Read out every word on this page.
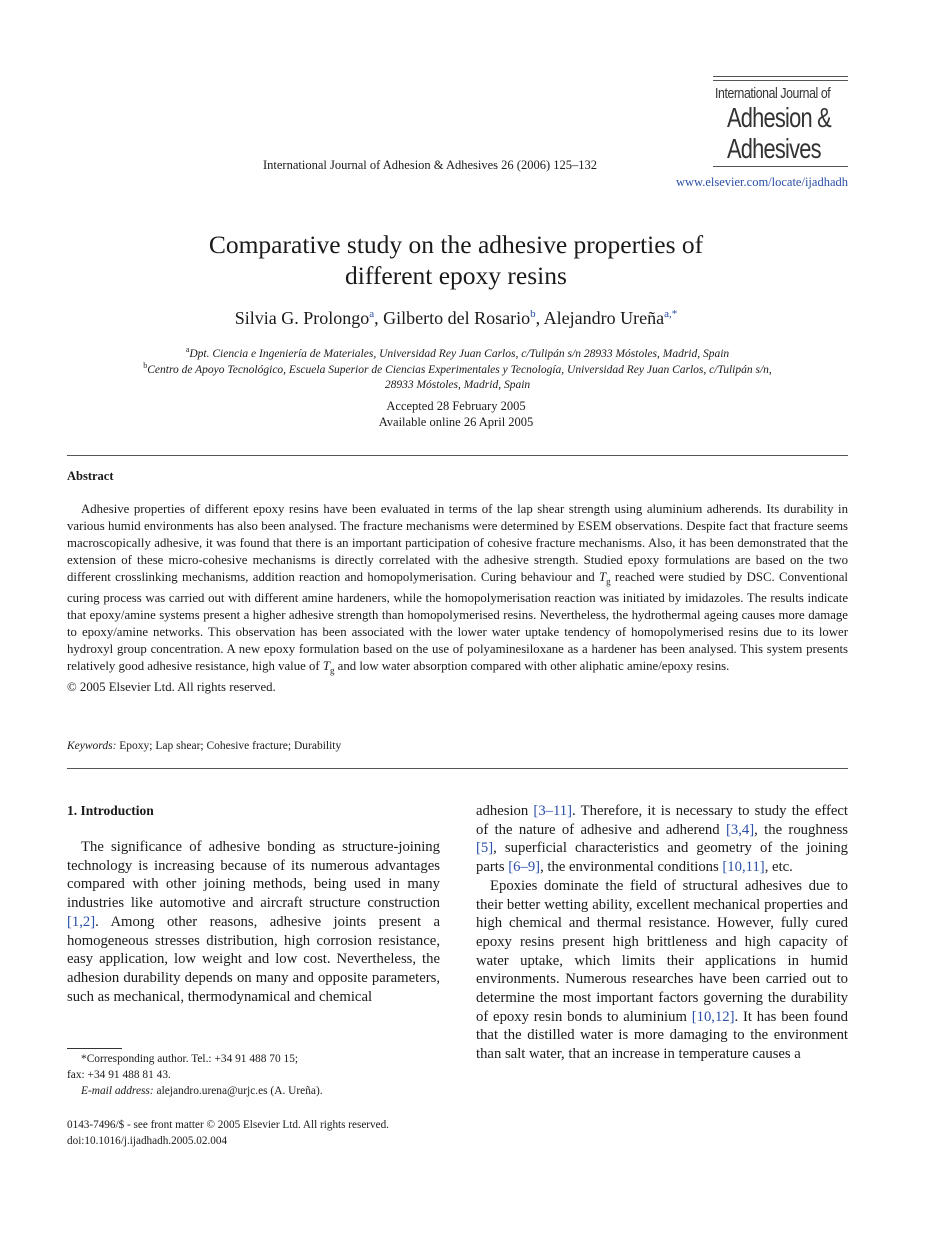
International Journal of Adhesion & Adhesives 26 (2006) 125–132
International Journal of
Adhesion &
Adhesives
www.elsevier.com/locate/ijadhadh
Comparative study on the adhesive properties of
different epoxy resins
Silvia G. Prolongo$^a$, Gilberto del Rosario$^b$, Alejandro Ureña$^{a,*}$
$^a$Dpt. Ciencia e Ingeniería de Materiales, Universidad Rey Juan Carlos, c/Tulipán s/n 28933 Móstoles, Madrid, Spain
$^b$Centro de Apoyo Tecnológico, Escuela Superior de Ciencias Experimentales y Tecnología, Universidad Rey Juan Carlos, c/Tulipán s/n,
28933 Móstoles, Madrid, Spain
Accepted 28 February 2005
Available online 26 April 2005
Abstract

Adhesive properties of different epoxy resins have been evaluated in terms of the lap shear strength using aluminium adherends. Its durability in various humid environments has also been analysed. The fracture mechanisms were determined by ESEM observations. Despite fact that fracture seems macroscopically adhesive, it was found that there is an important participation of cohesive fracture mechanisms. Also, it has been demonstrated that the extension of these micro-cohesive mechanisms is directly correlated with the adhesive strength. Studied epoxy formulations are based on the two different crosslinking mechanisms, addition reaction and homopolymerisation. Curing behaviour and $T_g$ reached were studied by DSC. Conventional curing process was carried out with different amine hardeners, while the homopolymerisation reaction was initiated by imidazoles. The results indicate that epoxy/amine systems present a higher adhesive strength than homopolymerised resins. Nevertheless, the hydrothermal ageing causes more damage to epoxy/amine networks. This observation has been associated with the lower water uptake tendency of homopolymerised resins due to its lower hydroxyl group concentration. A new epoxy formulation based on the use of polyaminesiloxane as a hardener has been analysed. This system presents relatively good adhesive resistance, high value of $T_g$ and low water absorption compared with other aliphatic amine/epoxy resins.

© 2005 Elsevier Ltd. All rights reserved.
Keywords: Epoxy; Lap shear; Cohesive fracture; Durability
1. Introduction

The significance of adhesive bonding as structure-joining technology is increasing because of its numerous advantages compared with other joining methods, being used in many industries like automotive and aircraft structure construction [1,2]. Among other reasons, adhesive joints present a homogeneous stresses distribution, high corrosion resistance, easy application, low weight and low cost. Nevertheless, the adhesion durability depends on many and opposite parameters, such as mechanical, thermodynamical and chemical

adhesion [3–11]. Therefore, it is necessary to study the effect of the nature of adhesive and adherend [3,4], the roughness [5], superficial characteristics and geometry of the joining parts [6–9], the environmental conditions [10,11], etc.

Epoxies dominate the field of structural adhesives due to their better wetting ability, excellent mechanical properties and high chemical and thermal resistance. However, fully cured epoxy resins present high brittleness and high capacity of water uptake, which limits their applications in humid environments. Numerous researches have been carried out to determine the most important factors governing the durability of epoxy resin bonds to aluminium [10,12]. It has been found that the distilled water is more damaging to the environment than salt water, that an increase in temperature causes a

*Corresponding author. Tel.: +34 91 488 70 15;
fax: +34 91 488 81 43.
E-mail address: alejandro.urena@urjc.es (A. Ureña).
0143-7496/$ - see front matter © 2005 Elsevier Ltd. All rights reserved.
doi:10.1016/j.ijadhadh.2005.02.004
